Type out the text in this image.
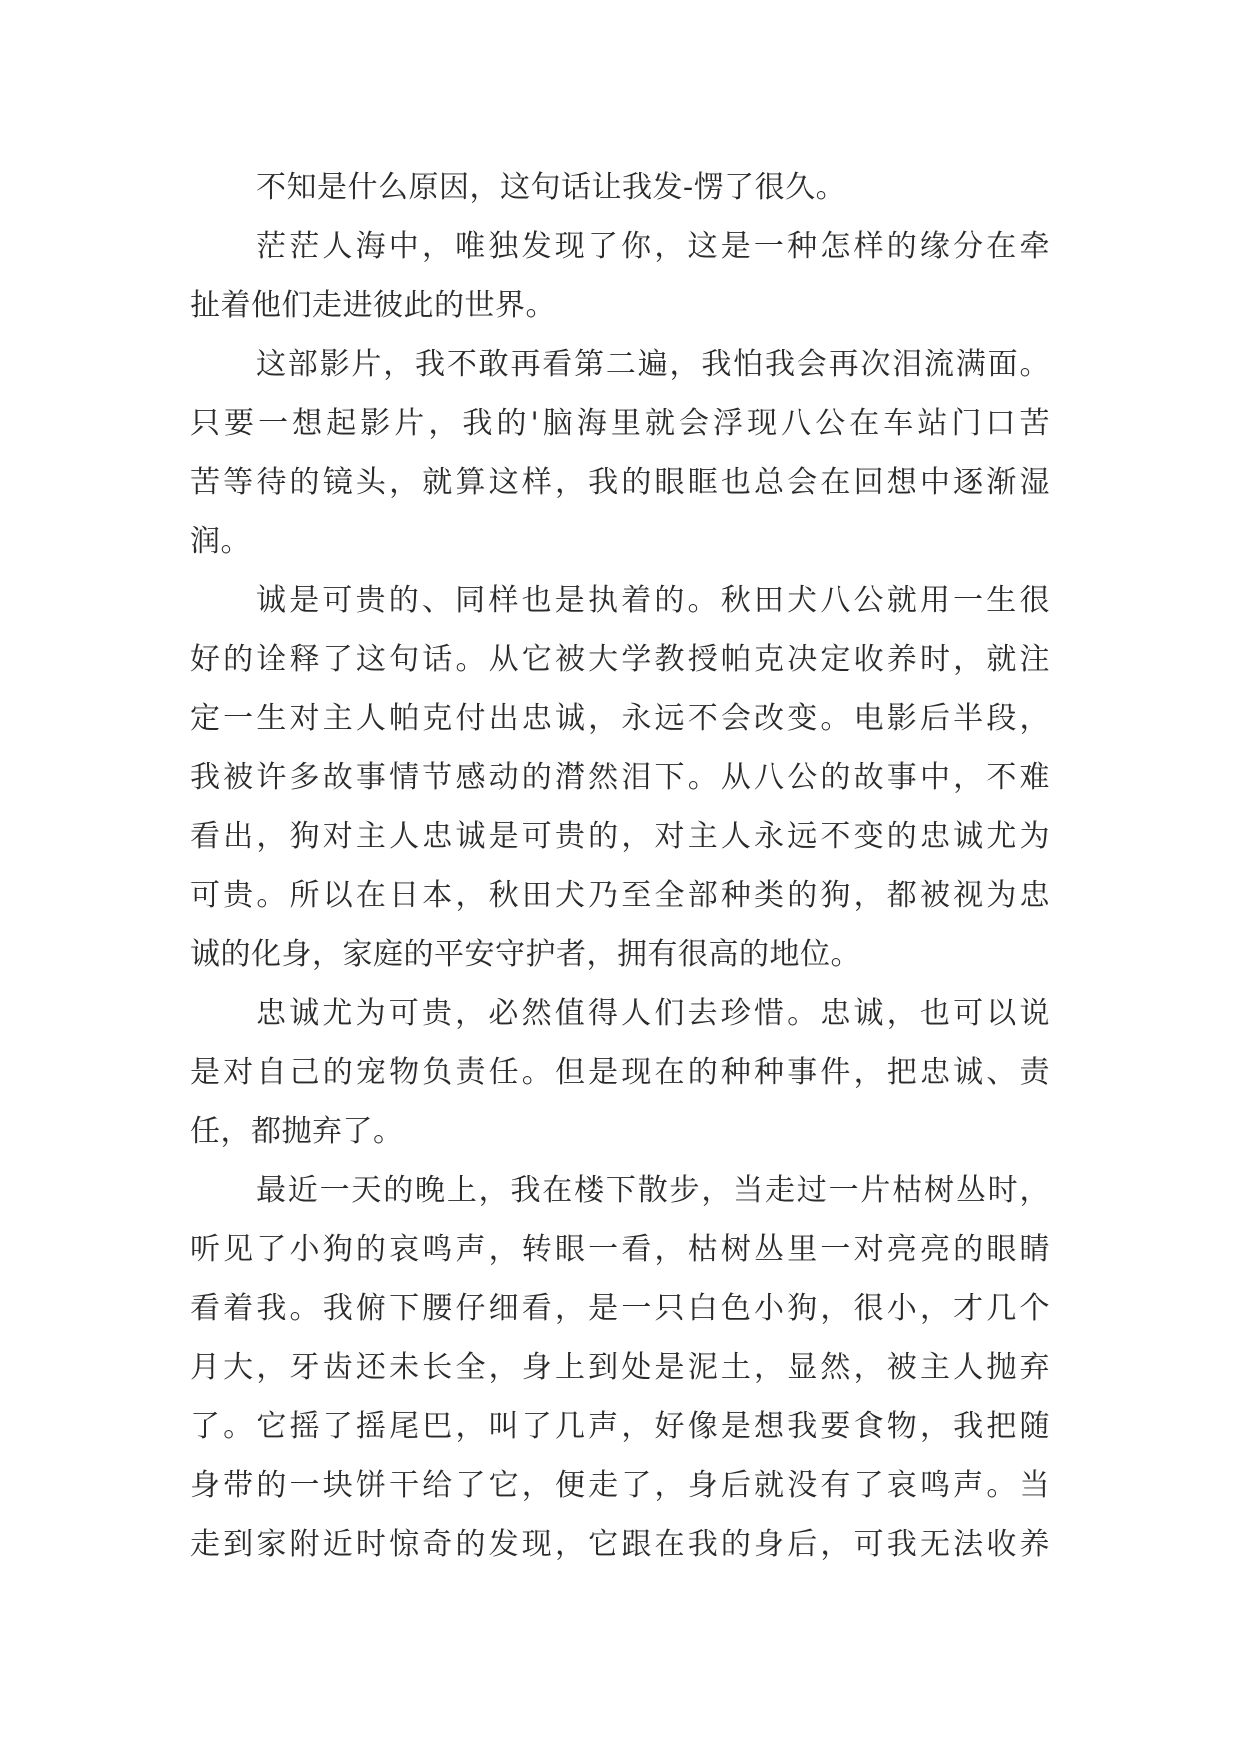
不知是什么原因，这句话让我发-愣了很久。
茫茫人海中，唯独发现了你，这是一种怎样的缘分在牵
扯着他们走进彼此的世界。
这部影片，我不敢再看第二遍，我怕我会再次泪流满面。
只要一想起影片，我的'脑海里就会浮现八公在车站门口苦
苦等待的镜头，就算这样，我的眼眶也总会在回想中逐渐湿
润。
诚是可贵的、同样也是执着的。秋田犬八公就用一生很
好的诠释了这句话。从它被大学教授帕克决定收养时，就注
定一生对主人帕克付出忠诚，永远不会改变。电影后半段，
我被许多故事情节感动的潸然泪下。从八公的故事中，不难
看出，狗对主人忠诚是可贵的，对主人永远不变的忠诚尤为
可贵。所以在日本，秋田犬乃至全部种类的狗，都被视为忠
诚的化身，家庭的平安守护者，拥有很高的地位。
忠诚尤为可贵，必然值得人们去珍惜。忠诚，也可以说
是对自己的宠物负责任。但是现在的种种事件，把忠诚、责
任，都抛弃了。
最近一天的晚上，我在楼下散步，当走过一片枯树丛时，
听见了小狗的哀鸣声，转眼一看，枯树丛里一对亮亮的眼睛
看着我。我俯下腰仔细看，是一只白色小狗，很小，才几个
月大，牙齿还未长全，身上到处是泥土，显然，被主人抛弃
了。它摇了摇尾巴，叫了几声，好像是想我要食物，我把随
身带的一块饼干给了它，便走了，身后就没有了哀鸣声。当
走到家附近时惊奇的发现，它跟在我的身后，可我无法收养
